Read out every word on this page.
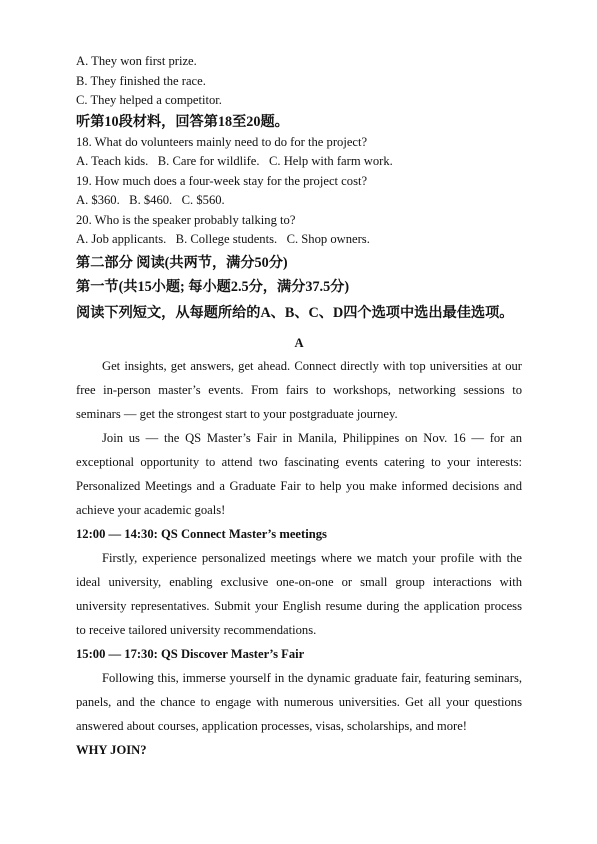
A. They won first prize.
B. They finished the race.
C. They helped a competitor.
听第10段材料，回答第18至20题。
18. What do volunteers mainly need to do for the project?
A. Teach kids.   B. Care for wildlife.   C. Help with farm work.
19. How much does a four-week stay for the project cost?
A. $360.   B. $460.   C. $560.
20. Who is the speaker probably talking to?
A. Job applicants.   B. College students.   C. Shop owners.
第二部分 阅读(共两节，满分50分)
第一节(共15小题; 每小题2.5分，满分37.5分)
阅读下列短文，从每题所给的A、B、C、D四个选项中选出最佳选项。
A
Get insights, get answers, get ahead. Connect directly with top universities at our free in-person master’s events. From fairs to workshops, networking sessions to seminars — get the strongest start to your postgraduate journey.
Join us — the QS Master’s Fair in Manila, Philippines on Nov. 16 — for an exceptional opportunity to attend two fascinating events catering to your interests: Personalized Meetings and a Graduate Fair to help you make informed decisions and achieve your academic goals!
12:00 — 14:30: QS Connect Master’s meetings
Firstly, experience personalized meetings where we match your profile with the ideal university, enabling exclusive one-on-one or small group interactions with university representatives. Submit your English resume during the application process to receive tailored university recommendations.
15:00 — 17:30: QS Discover Master’s Fair
Following this, immerse yourself in the dynamic graduate fair, featuring seminars, panels, and the chance to engage with numerous universities. Get all your questions answered about courses, application processes, visas, scholarships, and more!
WHY JOIN?
